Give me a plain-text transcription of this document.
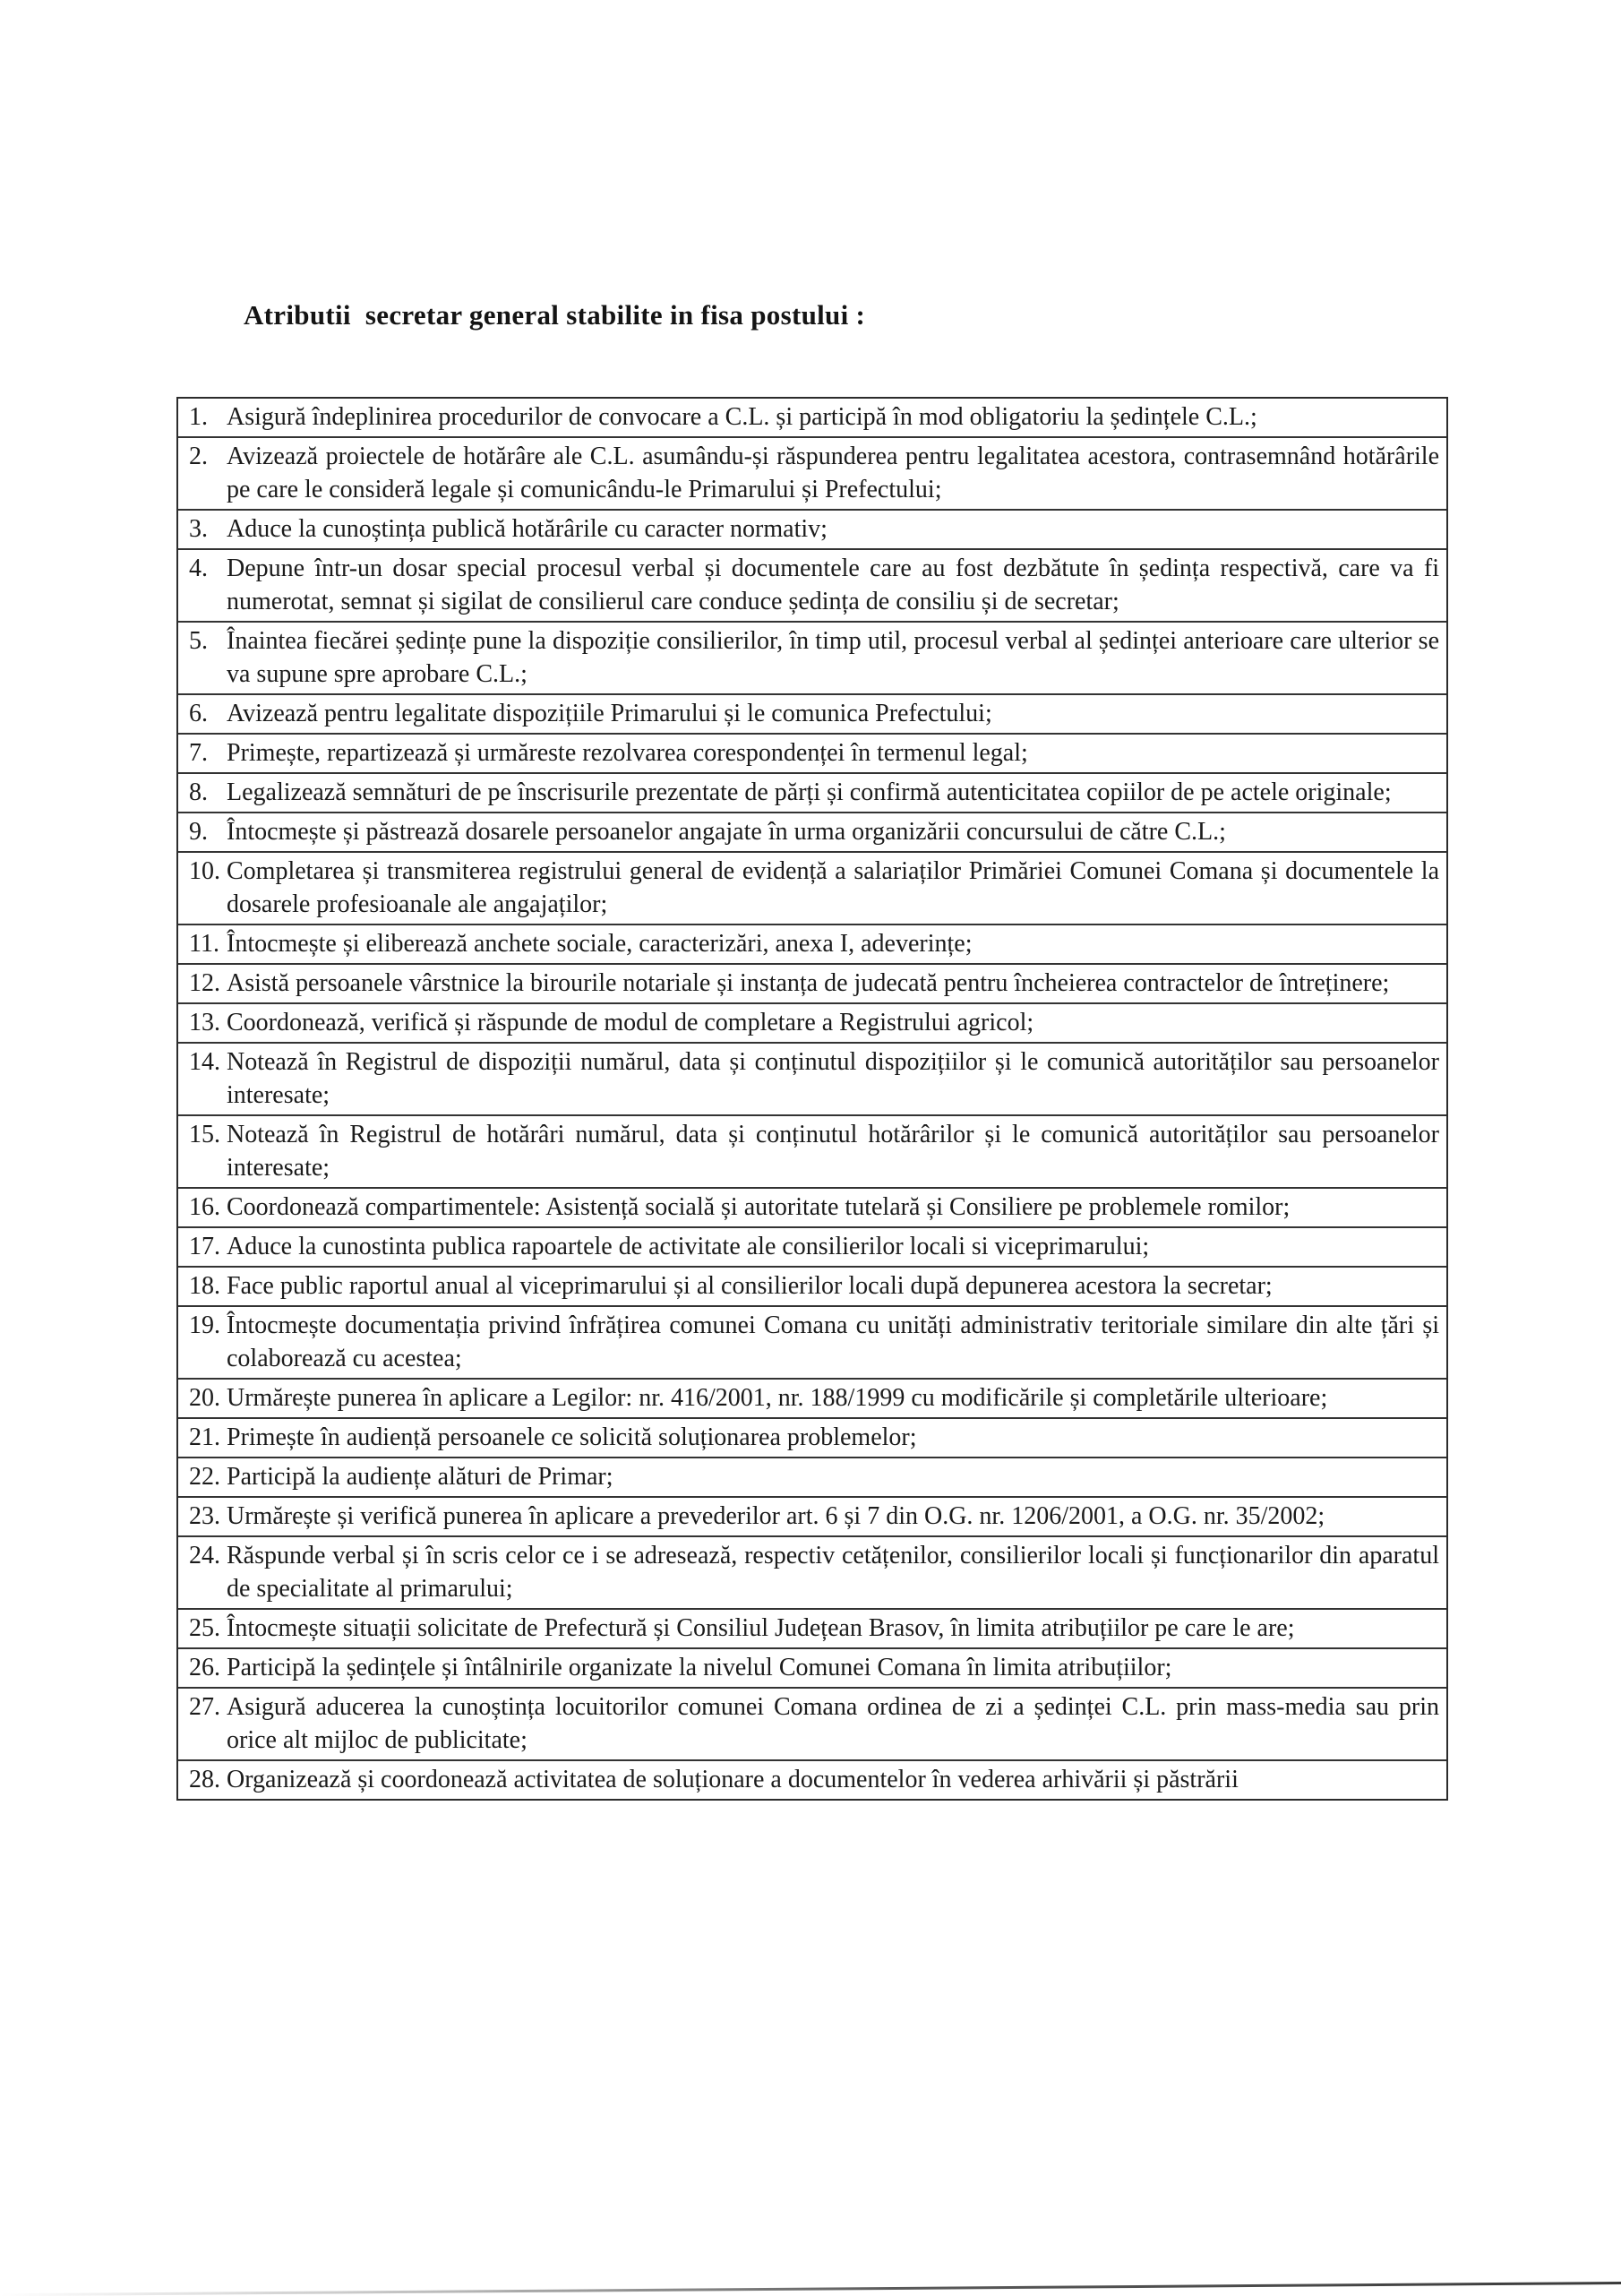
Atributii  secretar general stabilite in fisa postului :
1. Asigură îndeplinirea procedurilor de convocare a C.L. și participă în mod obligatoriu la ședințele C.L.;
2. Avizează proiectele de hotărâre ale C.L. asumându-și răspunderea pentru legalitatea acestora, contrasemnând hotărârile pe care le consideră legale și comunicându-le Primarului și Prefectului;
3. Aduce la cunoștința publică hotărârile cu caracter normativ;
4. Depune într-un dosar special procesul verbal și documentele care au fost dezbătute în ședința respectivă, care va fi numerotat, semnat și sigilat de consilierul care conduce ședința de consiliu și de secretar;
5. Înaintea fiecărei ședințe pune la dispoziție consilierilor, în timp util, procesul verbal al ședinței anterioare care ulterior se va supune spre aprobare C.L.;
6. Avizează pentru legalitate dispozițiile Primarului și le comunica Prefectului;
7. Primește, repartizează și urmăreste rezolvarea corespondenței în termenul legal;
8. Legalizează semnături de pe înscrisurile prezentate de părți și confirmă autenticitatea copiilor de pe actele originale;
9. Întocmește și păstrează dosarele persoanelor angajate în urma organizării concursului de către C.L.;
10. Completarea și transmiterea registrului general de evidență a salariaților Primăriei Comunei Comana și documentele la dosarele profesioanale ale angajaților;
11. Întocmește și eliberează anchete sociale, caracterizări, anexa I, adeverințe;
12. Asistă persoanele vârstnice la birourile notariale și instanța de judecată pentru încheierea contractelor de întreținere;
13. Coordonează, verifică și răspunde de modul de completare a Registrului agricol;
14. Notează în Registrul de dispoziții numărul, data și conținutul dispozițiilor și le comunică autorităților sau persoanelor interesate;
15. Notează în Registrul de hotărâri numărul, data și conținutul hotărârilor și le comunică autorităților sau persoanelor interesate;
16. Coordonează compartimentele: Asistență socială și autoritate tutelară și Consiliere pe problemele romilor;
17. Aduce la cunostinta publica rapoartele de activitate ale consilierilor locali si viceprimarului;
18. Face public raportul anual al viceprimarului și al consilierilor locali după depunerea acestora la secretar;
19. Întocmește documentația privind înfrățirea comunei Comana cu unități administrativ teritoriale similare din alte țări și colaborează cu acestea;
20. Urmărește punerea în aplicare a Legilor: nr. 416/2001, nr. 188/1999 cu modificările și completările ulterioare;
21. Primește în audiență persoanele ce solicită soluționarea problemelor;
22. Participă la audiențe alături de Primar;
23. Urmărește și verifică punerea în aplicare a prevederilor art. 6 și 7 din O.G. nr. 1206/2001, a O.G. nr. 35/2002;
24. Răspunde verbal și în scris celor ce i se adresează, respectiv cetățenilor, consilierilor locali și funcționarilor din aparatul de specialitate al primarului;
25. Întocmește situații solicitate de Prefectură și Consiliul Județean Brasov, în limita atribuțiilor pe care le are;
26. Participă la ședințele și întâlnirile organizate la nivelul Comunei Comana în limita atribuțiilor;
27. Asigură aducerea la cunoștința locuitorilor comunei Comana ordinea de zi a ședinței C.L. prin mass-media sau prin orice alt mijloc de publicitate;
28. Organizează și coordonează activitatea de soluționare a documentelor în vederea arhivării și păstrării
